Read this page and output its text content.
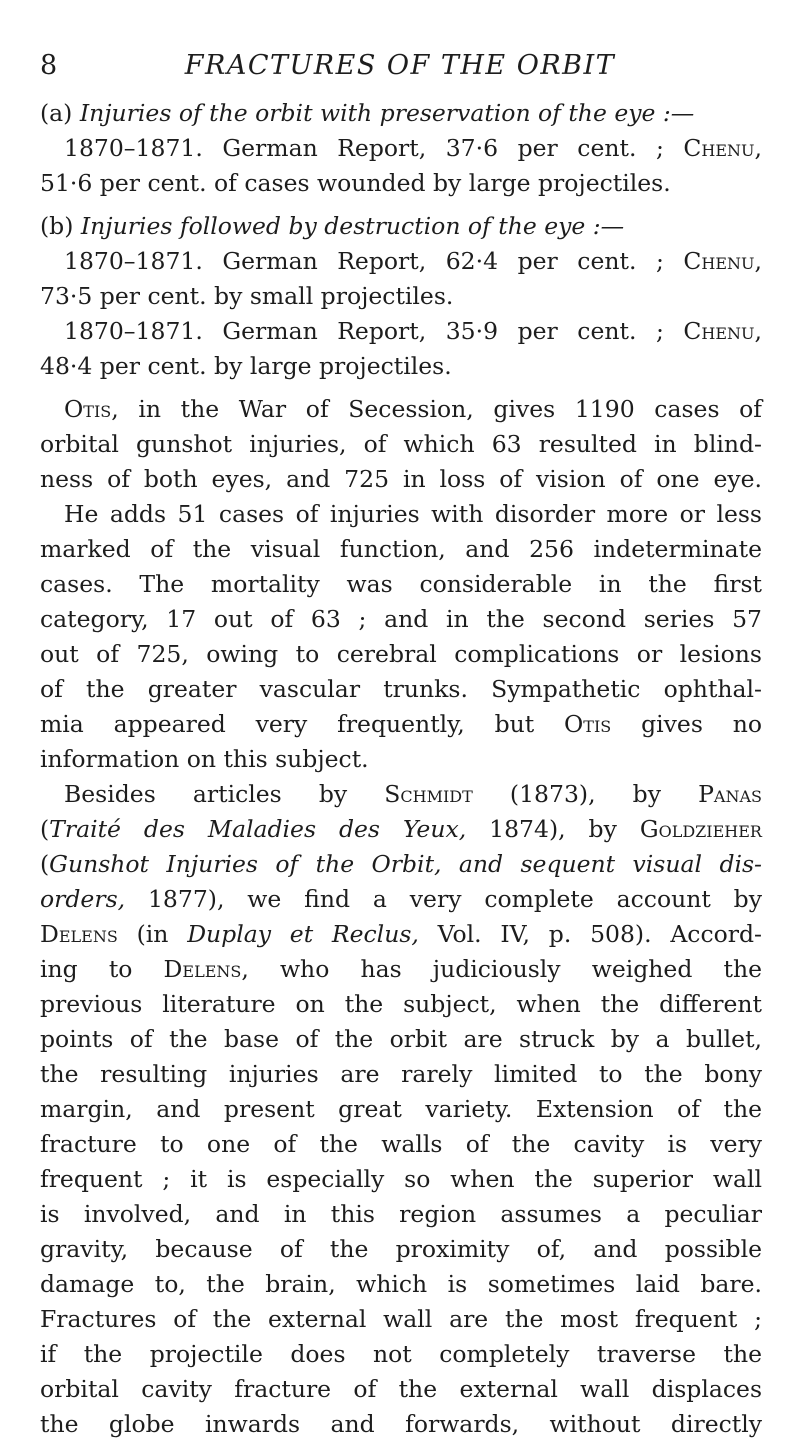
8	FRACTURES OF THE ORBIT
(a) Injuries of the orbit with preservation of the eye :—
1870–1871. German Report, 37·6 per cent. ; Chenu,
51·6 per cent. of cases wounded by large projectiles.
(b) Injuries followed by destruction of the eye :—
1870–1871. German Report, 62·4 per cent. ; Chenu,
73·5 per cent. by small projectiles.
1870–1871. German Report, 35·9 per cent. ; Chenu,
48·4 per cent. by large projectiles.
Otis, in the War of Secession, gives 1190 cases of
orbital gunshot injuries, of which 63 resulted in blind-
ness of both eyes, and 725 in loss of vision of one eye.
He adds 51 cases of injuries with disorder more or less
marked of the visual function, and 256 indeterminate
cases. The mortality was considerable in the first
category, 17 out of 63 ; and in the second series 57
out of 725, owing to cerebral complications or lesions
of the greater vascular trunks. Sympathetic ophthal-
mia appeared very frequently, but Otis gives no
information on this subject.
Besides articles by Schmidt (1873), by Panas
(Traité des Maladies des Yeux, 1874), by Goldzieher
(Gunshot Injuries of the Orbit, and sequent visual dis-
orders, 1877), we find a very complete account by
Delens (in Duplay et Reclus, Vol. IV, p. 508). Accord-
ing to Delens, who has judiciously weighed the
previous literature on the subject, when the different
points of the base of the orbit are struck by a bullet,
the resulting injuries are rarely limited to the bony
margin, and present great variety. Extension of the
fracture to one of the walls of the cavity is very
frequent ; it is especially so when the superior wall
is involved, and in this region assumes a peculiar
gravity, because of the proximity of, and possible
damage to, the brain, which is sometimes laid bare.
Fractures of the external wall are the most frequent ;
if the projectile does not completely traverse the
orbital cavity fracture of the external wall displaces
the globe inwards and forwards, without directly
